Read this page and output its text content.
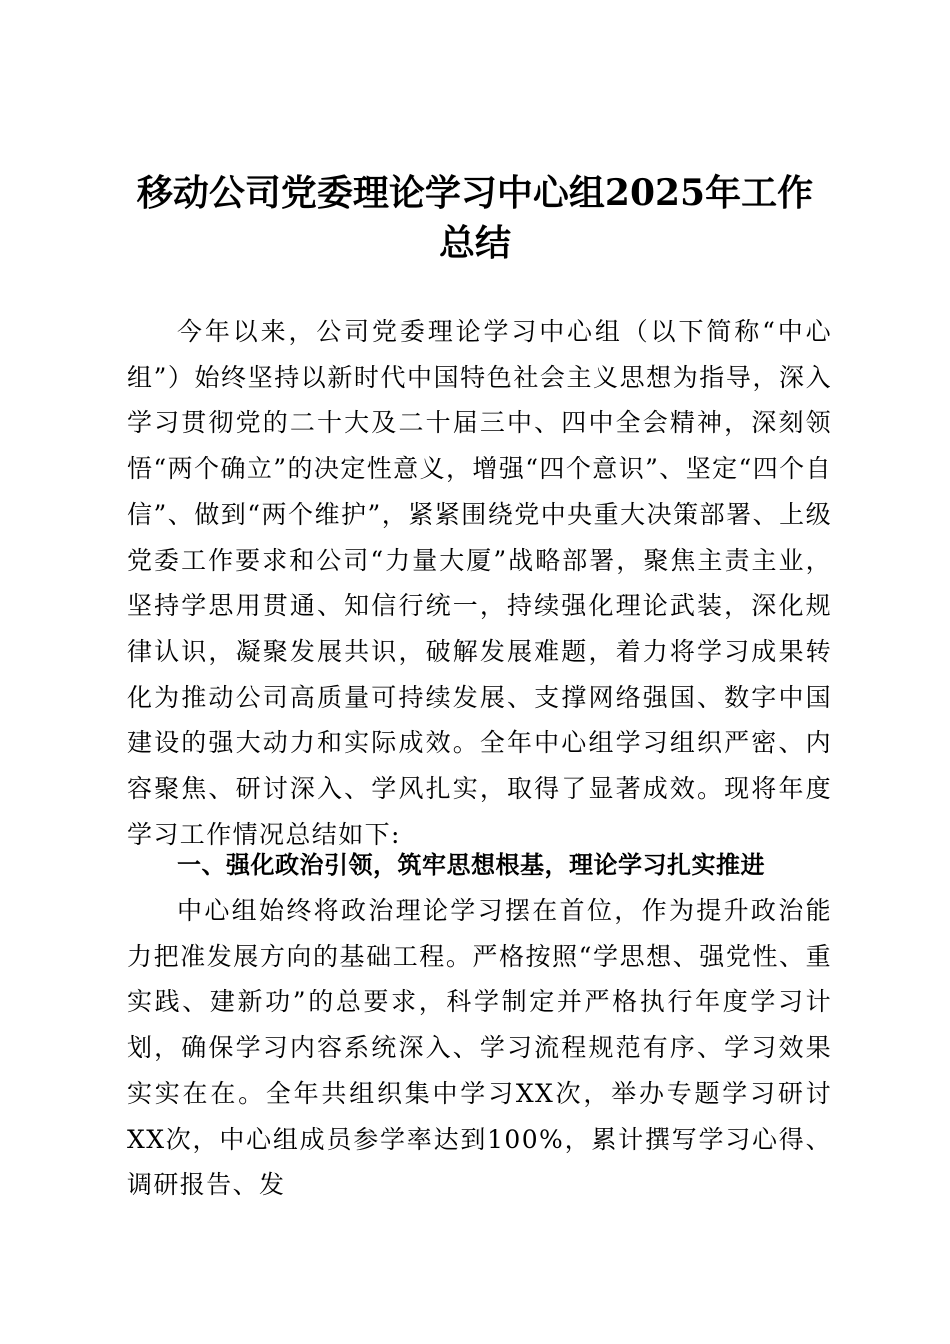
移动公司党委理论学习中心组2025年工作总结

今年以来，公司党委理论学习中心组（以下简称“中心组”）始终坚持以新时代中国特色社会主义思想为指导，深入学习贯彻党的二十大及二十届三中、四中全会精神，深刻领悟“两个确立”的决定性意义，增强“四个意识”、坚定“四个自信”、做到“两个维护”，紧紧围绕党中央重大决策部署、上级党委工作要求和公司“力量大厦”战略部署，聚焦主责主业，坚持学思用贯通、知信行统一，持续强化理论武装，深化规律认识，凝聚发展共识，破解发展难题，着力将学习成果转化为推动公司高质量可持续发展、支撑网络强国、数字中国建设的强大动力和实际成效。全年中心组学习组织严密、内容聚焦、研讨深入、学风扎实，取得了显著成效。现将年度学习工作情况总结如下:

一、强化政治引领，筑牢思想根基，理论学习扎实推进

中心组始终将政治理论学习摆在首位，作为提升政治能力把准发展方向的基础工程。严格按照“学思想、强党性、重实践、建新功”的总要求，科学制定并严格执行年度学习计划，确保学习内容系统深入、学习流程规范有序、学习效果实实在在。全年共组织集中学习XX次，举办专题学习研讨XX次，中心组成员参学率达到100%，累计撰写学习心得、调研报告、发
